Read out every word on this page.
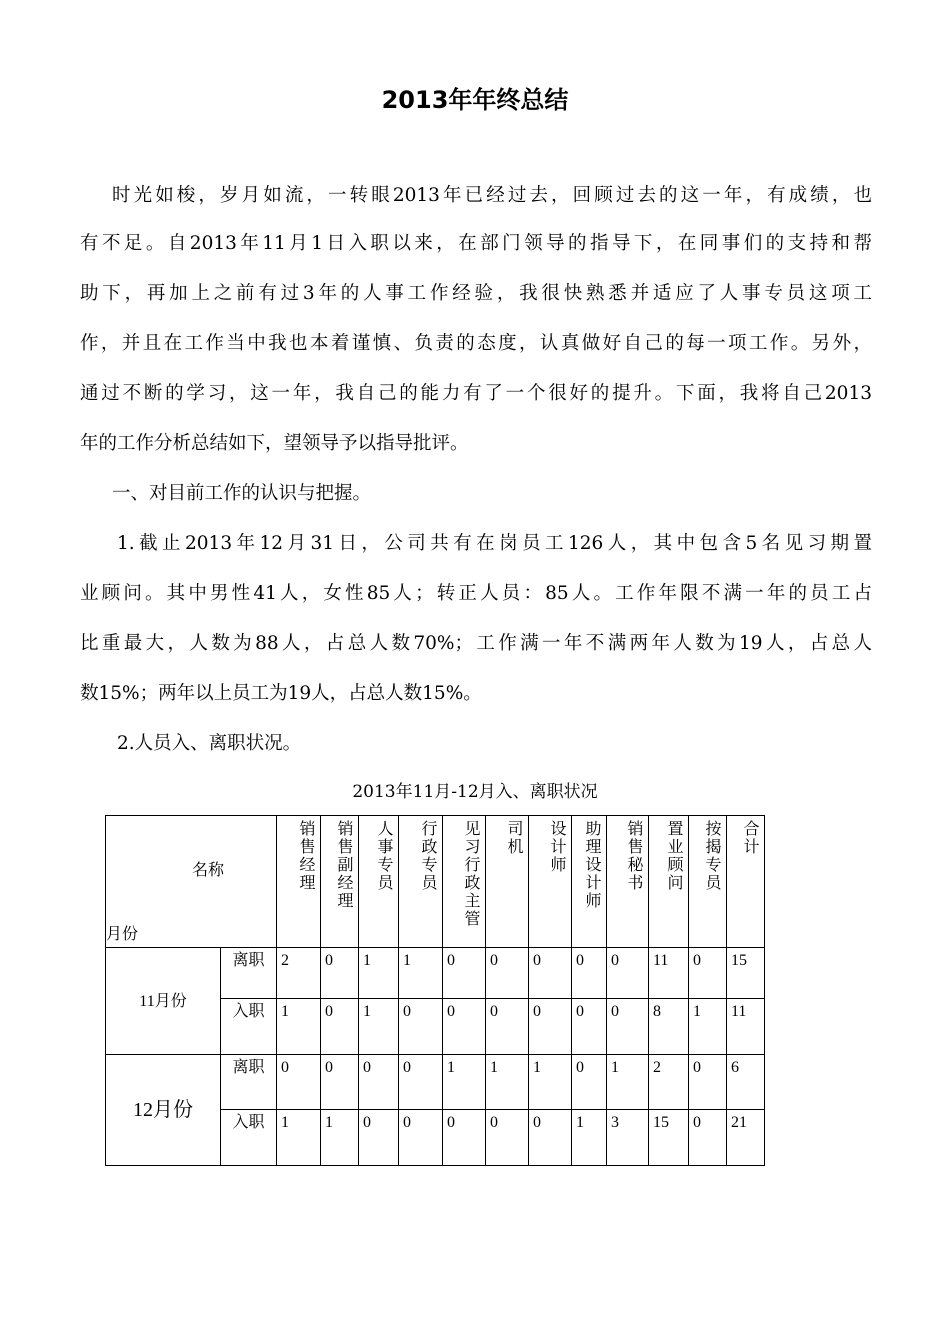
2013年年终总结
时光如梭，岁月如流，一转眼2013年已经过去，回顾过去的这一年，有成绩，也
有不足。自2013年11月1日入职以来，在部门领导的指导下，在同事们的支持和帮
助下，再加上之前有过3年的人事工作经验，我很快熟悉并适应了人事专员这项工
作，并且在工作当中我也本着谨慎、负责的态度，认真做好自己的每一项工作。另外，
通过不断的学习，这一年，我自己的能力有了一个很好的提升。下面，我将自己2013
年的工作分析总结如下，望领导予以指导批评。
一、对目前工作的认识与把握。
1.截止2013年12月31日，公司共有在岗员工126人，其中包含5名见习期置
业顾问。其中男性41人，女性85人；转正人员：85人。工作年限不满一年的员工占
比重最大，人数为88人，占总人数70%；工作满一年不满两年人数为19人，占总人
数15%；两年以上员工为19人，占总人数15%。
2.人员入、离职状况。
2013年11月-12月入、离职状况
名称
月份		销售经理	销售副经理	人事专员	行政专员	见习行政主管	司机	设计师	助理设计师	销售秘书	置业顾问	按揭专员	合计
11月份	离职	2	0	1	1	0	0	0	0	0	11	0	15
	入职	1	0	1	0	0	0	0	0	0	8	1	11
12月份	离职	0	0	0	0	1	1	1	0	1	2	0	6
	入职	1	1	0	0	0	0	0	1	3	15	0	21
